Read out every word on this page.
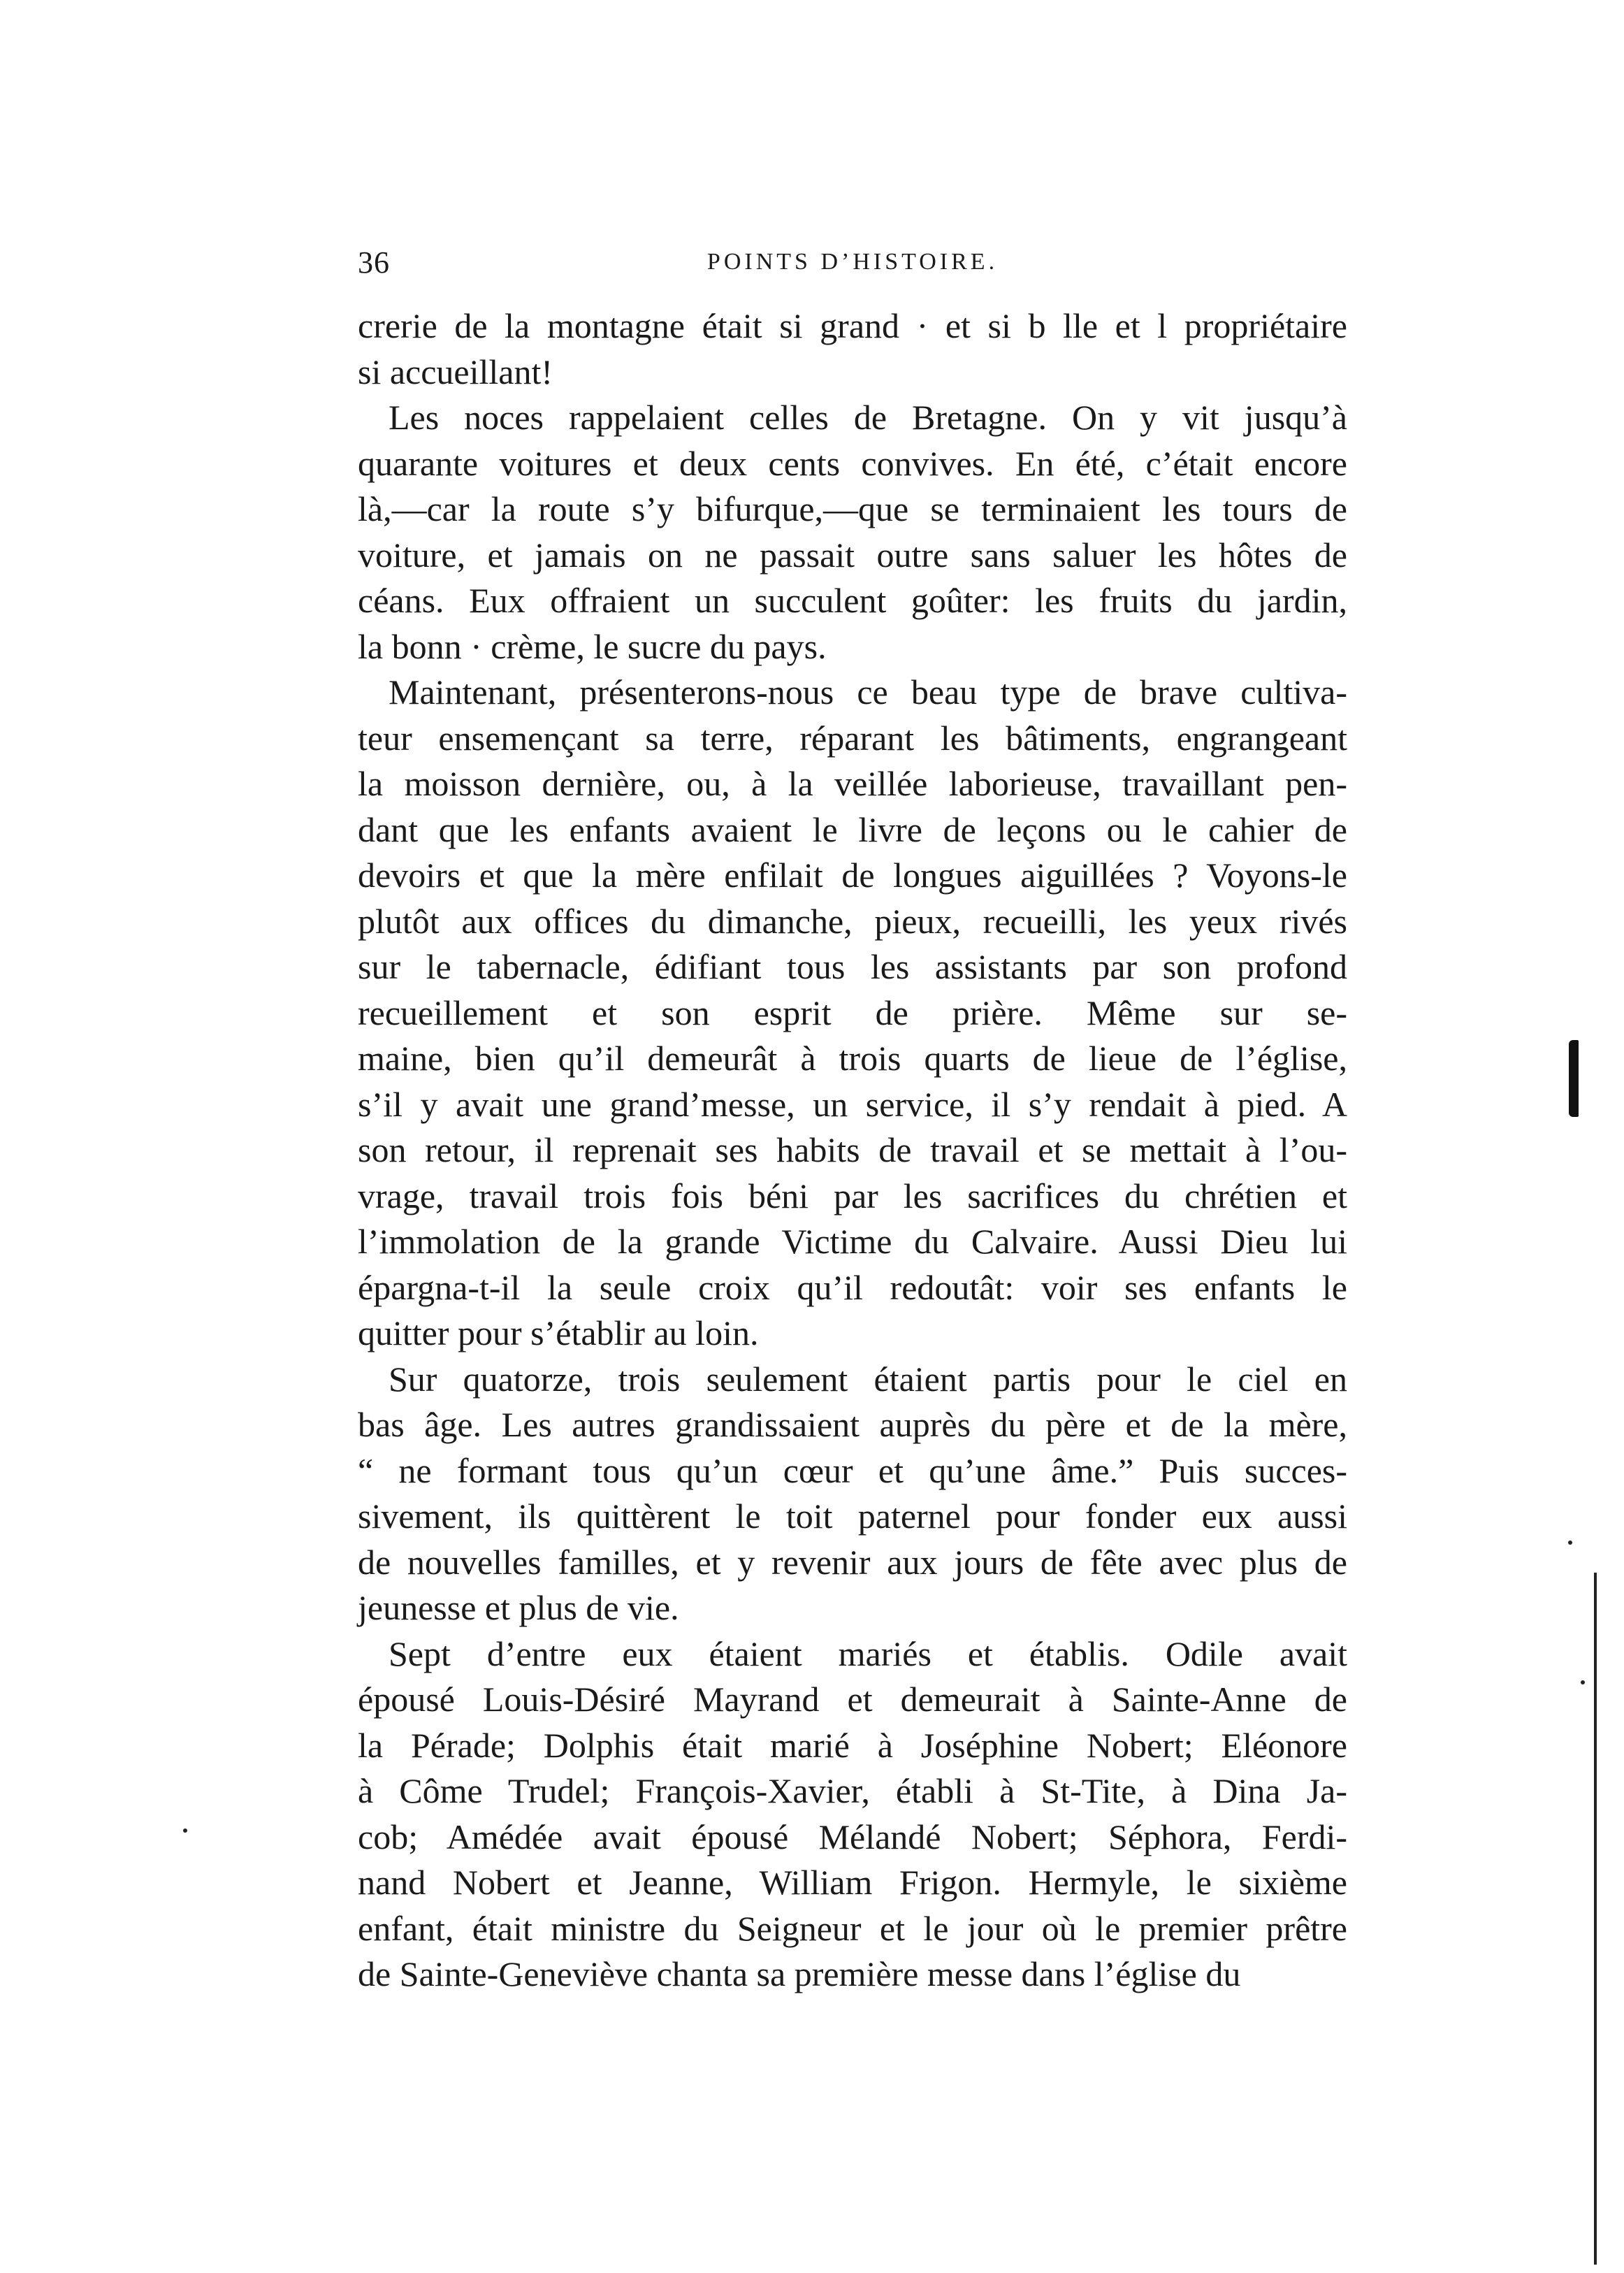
36	POINTS D’HISTOIRE.
crerie de la montagne était si grand · et si b lle et l propriétaire
si accueillant!
Les noces rappelaient celles de Bretagne. On y vit jusqu’à
quarante voitures et deux cents convives. En été, c’était encore
là,—car la route s’y bifurque,—que se terminaient les tours de
voiture, et jamais on ne passait outre sans saluer les hôtes de
céans. Eux offraient un succulent goûter: les fruits du jardin,
la bonn · crème, le sucre du pays.
Maintenant, présenterons-nous ce beau type de brave cultiva-
teur ensemençant sa terre, réparant les bâtiments, engrangeant
la moisson dernière, ou, à la veillée laborieuse, travaillant pen-
dant que les enfants avaient le livre de leçons ou le cahier de
devoirs et que la mère enfilait de longues aiguillées ? Voyons-le
plutôt aux offices du dimanche, pieux, recueilli, les yeux rivés
sur le tabernacle, édifiant tous les assistants par son profond
recueillement et son esprit de prière. Même sur se-
maine, bien qu’il demeurât à trois quarts de lieue de l’église,
s’il y avait une grand’messe, un service, il s’y rendait à pied. A
son retour, il reprenait ses habits de travail et se mettait à l’ou-
vrage, travail trois fois béni par les sacrifices du chrétien et
l’immolation de la grande Victime du Calvaire. Aussi Dieu lui
épargna-t-il la seule croix qu’il redoutât: voir ses enfants le
quitter pour s’établir au loin.
Sur quatorze, trois seulement étaient partis pour le ciel en
bas âge. Les autres grandissaient auprès du père et de la mère,
“ ne formant tous qu’un cœur et qu’une âme.” Puis succes-
sivement, ils quittèrent le toit paternel pour fonder eux aussi
de nouvelles familles, et y revenir aux jours de fête avec plus de
jeunesse et plus de vie.
Sept d’entre eux étaient mariés et établis. Odile avait
épousé Louis-Désiré Mayrand et demeurait à Sainte-Anne de
la Pérade; Dolphis était marié à Joséphine Nobert; Eléonore
à Côme Trudel; François-Xavier, établi à St-Tite, à Dina Ja-
cob; Amédée avait épousé Mélandé Nobert; Séphora, Ferdi-
nand Nobert et Jeanne, William Frigon. Hermyle, le sixième
enfant, était ministre du Seigneur et le jour où le premier prêtre
de Sainte-Geneviève chanta sa première messe dans l’église du
